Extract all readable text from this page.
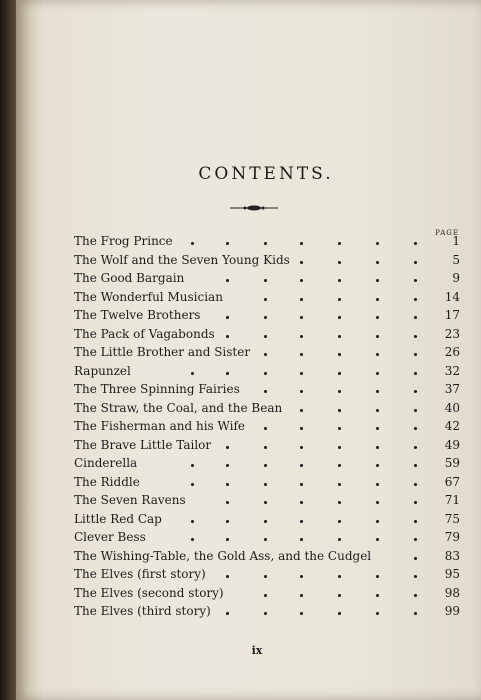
CONTENTS.
PAGE
The Frog Prince	1
The Wolf and the Seven Young Kids	5
The Good Bargain	9
The Wonderful Musician	14
The Twelve Brothers	17
The Pack of Vagabonds	23
The Little Brother and Sister	26
Rapunzel	32
The Three Spinning Fairies	37
The Straw, the Coal, and the Bean	40
The Fisherman and his Wife	42
The Brave Little Tailor	49
Cinderella	59
The Riddle	67
The Seven Ravens	71
Little Red Cap	75
Clever Bess	79
The Wishing-Table, the Gold Ass, and the Cudgel	83
The Elves (first story)	95
The Elves (second story)	98
The Elves (third story)	99
ix
